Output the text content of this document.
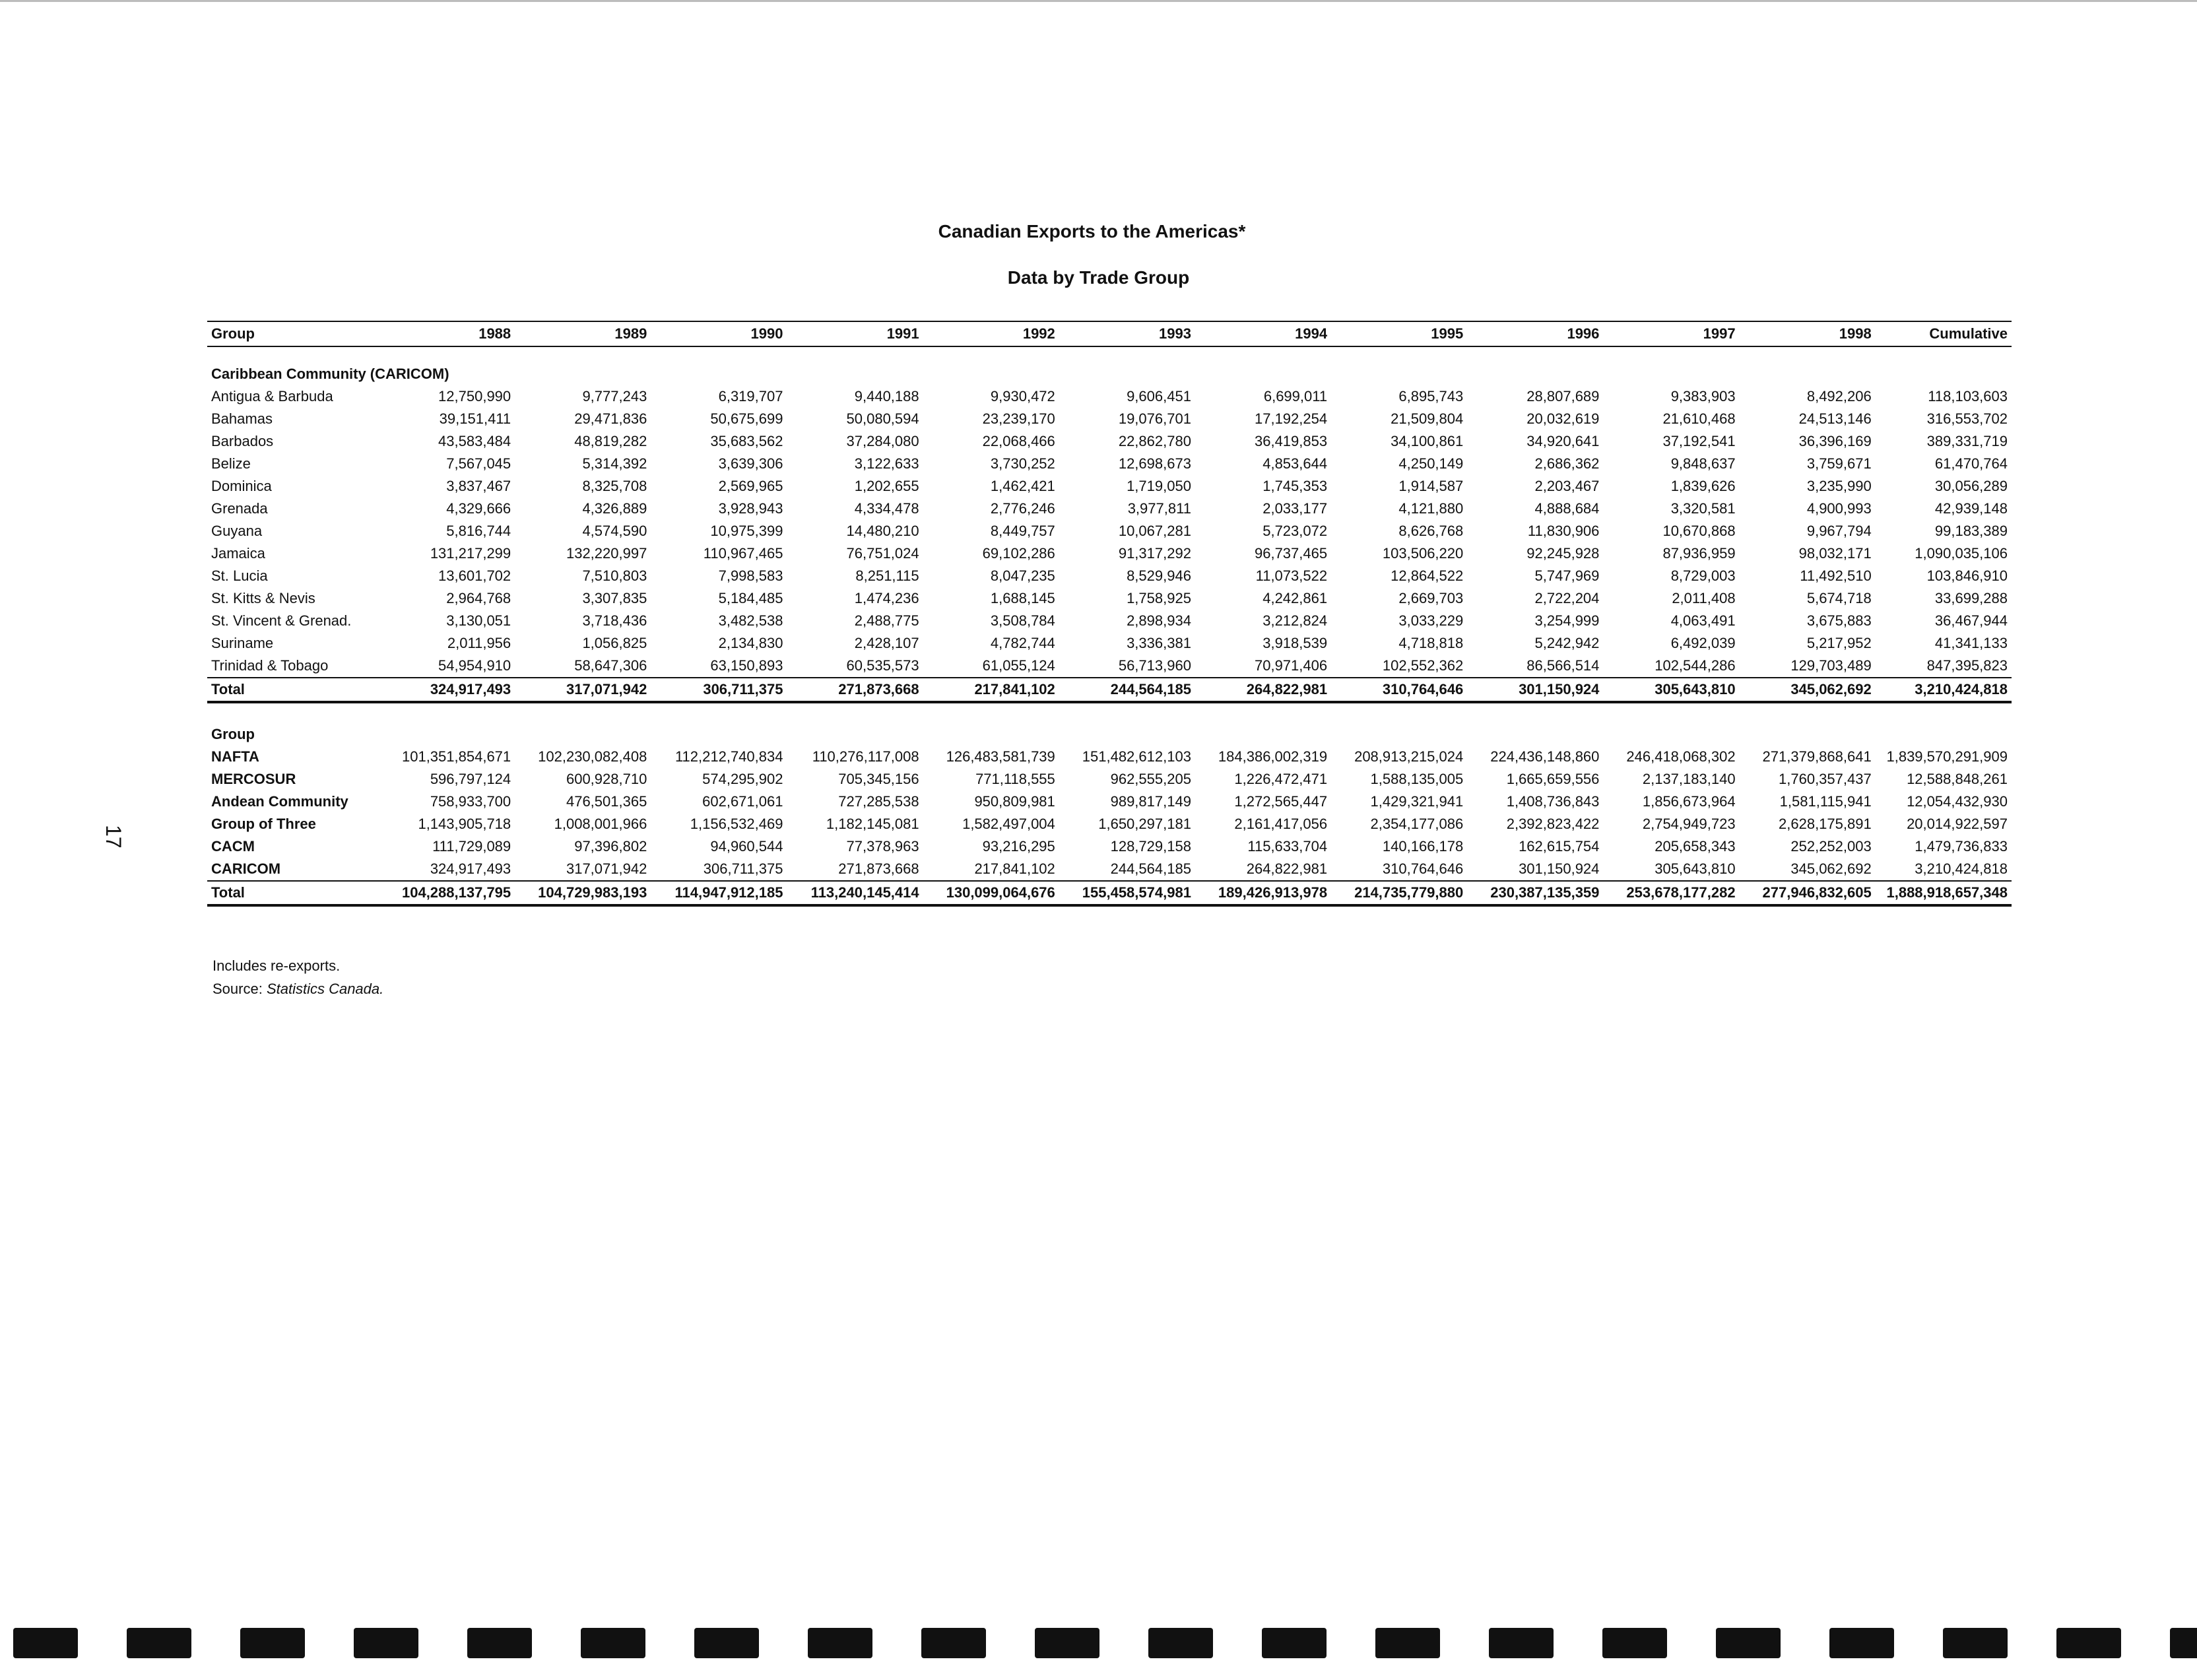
Canadian Exports to the Americas*
Data by Trade Group
Group	1988	1989	1990	1991	1992	1993	1994	1995	1996	1997	1998	Cumulative
Caribbean Community (CARICOM)												
Antigua & Barbuda	12,750,990	9,777,243	6,319,707	9,440,188	9,930,472	9,606,451	6,699,011	6,895,743	28,807,689	9,383,903	8,492,206	118,103,603
Bahamas	39,151,411	29,471,836	50,675,699	50,080,594	23,239,170	19,076,701	17,192,254	21,509,804	20,032,619	21,610,468	24,513,146	316,553,702
Barbados	43,583,484	48,819,282	35,683,562	37,284,080	22,068,466	22,862,780	36,419,853	34,100,861	34,920,641	37,192,541	36,396,169	389,331,719
Belize	7,567,045	5,314,392	3,639,306	3,122,633	3,730,252	12,698,673	4,853,644	4,250,149	2,686,362	9,848,637	3,759,671	61,470,764
Dominica	3,837,467	8,325,708	2,569,965	1,202,655	1,462,421	1,719,050	1,745,353	1,914,587	2,203,467	1,839,626	3,235,990	30,056,289
Grenada	4,329,666	4,326,889	3,928,943	4,334,478	2,776,246	3,977,811	2,033,177	4,121,880	4,888,684	3,320,581	4,900,993	42,939,148
Guyana	5,816,744	4,574,590	10,975,399	14,480,210	8,449,757	10,067,281	5,723,072	8,626,768	11,830,906	10,670,868	9,967,794	99,183,389
Jamaica	131,217,299	132,220,997	110,967,465	76,751,024	69,102,286	91,317,292	96,737,465	103,506,220	92,245,928	87,936,959	98,032,171	1,090,035,106
St. Lucia	13,601,702	7,510,803	7,998,583	8,251,115	8,047,235	8,529,946	11,073,522	12,864,522	5,747,969	8,729,003	11,492,510	103,846,910
St. Kitts & Nevis	2,964,768	3,307,835	5,184,485	1,474,236	1,688,145	1,758,925	4,242,861	2,669,703	2,722,204	2,011,408	5,674,718	33,699,288
St. Vincent & Grenad.	3,130,051	3,718,436	3,482,538	2,488,775	3,508,784	2,898,934	3,212,824	3,033,229	3,254,999	4,063,491	3,675,883	36,467,944
Suriname	2,011,956	1,056,825	2,134,830	2,428,107	4,782,744	3,336,381	3,918,539	4,718,818	5,242,942	6,492,039	5,217,952	41,341,133
Trinidad & Tobago	54,954,910	58,647,306	63,150,893	60,535,573	61,055,124	56,713,960	70,971,406	102,552,362	86,566,514	102,544,286	129,703,489	847,395,823
Total	324,917,493	317,071,942	306,711,375	271,873,668	217,841,102	244,564,185	264,822,981	310,764,646	301,150,924	305,643,810	345,062,692	3,210,424,818

Group												
NAFTA	101,351,854,671	102,230,082,408	112,212,740,834	110,276,117,008	126,483,581,739	151,482,612,103	184,386,002,319	208,913,215,024	224,436,148,860	246,418,068,302	271,379,868,641	1,839,570,291,909
MERCOSUR	596,797,124	600,928,710	574,295,902	705,345,156	771,118,555	962,555,205	1,226,472,471	1,588,135,005	1,665,659,556	2,137,183,140	1,760,357,437	12,588,848,261
Andean Community	758,933,700	476,501,365	602,671,061	727,285,538	950,809,981	989,817,149	1,272,565,447	1,429,321,941	1,408,736,843	1,856,673,964	1,581,115,941	12,054,432,930
Group of Three	1,143,905,718	1,008,001,966	1,156,532,469	1,182,145,081	1,582,497,004	1,650,297,181	2,161,417,056	2,354,177,086	2,392,823,422	2,754,949,723	2,628,175,891	20,014,922,597
CACM	111,729,089	97,396,802	94,960,544	77,378,963	93,216,295	128,729,158	115,633,704	140,166,178	162,615,754	205,658,343	252,252,003	1,479,736,833
CARICOM	324,917,493	317,071,942	306,711,375	271,873,668	217,841,102	244,564,185	264,822,981	310,764,646	301,150,924	305,643,810	345,062,692	3,210,424,818
Total	104,288,137,795	104,729,983,193	114,947,912,185	113,240,145,414	130,099,064,676	155,458,574,981	189,426,913,978	214,735,779,880	230,387,135,359	253,678,177,282	277,946,832,605	1,888,918,657,348
Includes re-exports.
Source: Statistics Canada.
17
